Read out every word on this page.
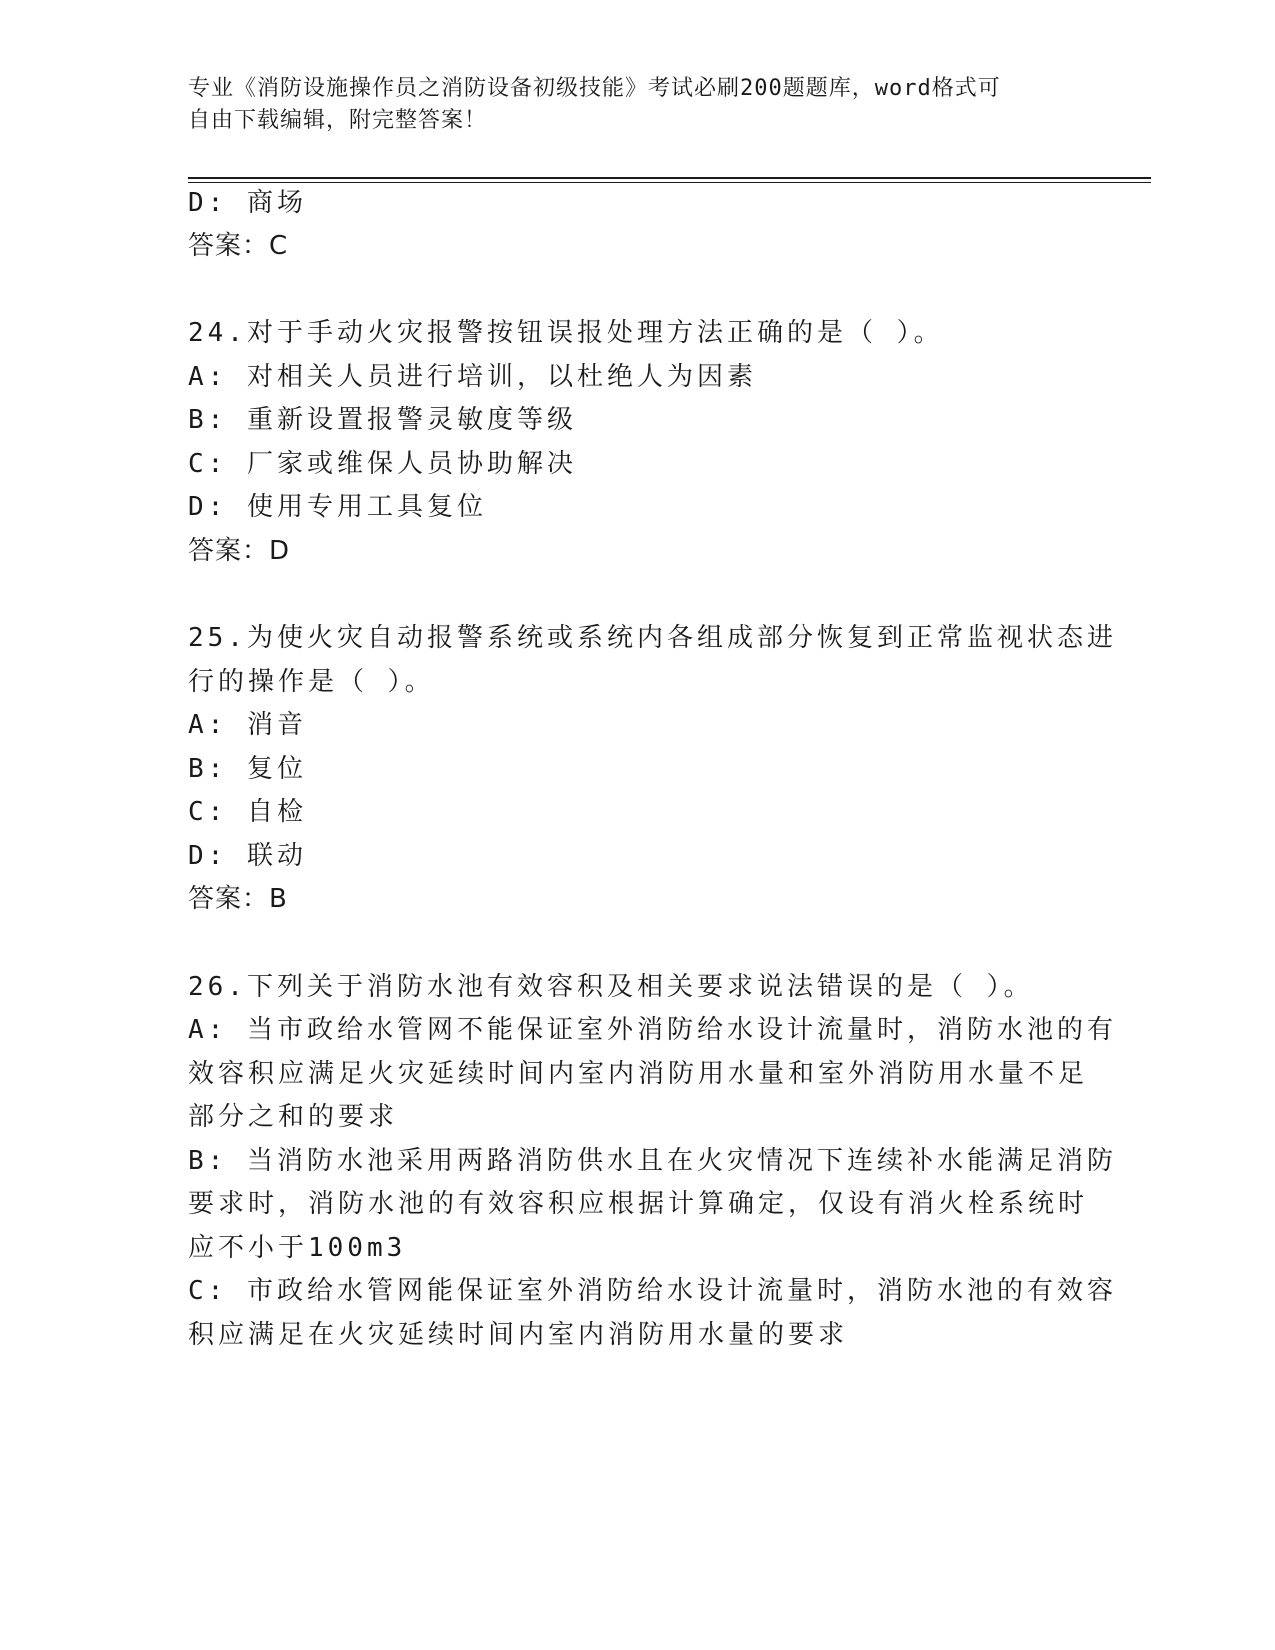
专业《消防设施操作员之消防设备初级技能》考试必刷200题题库，word格式可
自由下载编辑，附完整答案！
D: 商场
答案：C
24.对于手动火灾报警按钮误报处理方法正确的是（ ）。
A: 对相关人员进行培训，以杜绝人为因素
B: 重新设置报警灵敏度等级
C: 厂家或维保人员协助解决
D: 使用专用工具复位
答案：D
25.为使火灾自动报警系统或系统内各组成部分恢复到正常监视状态进
行的操作是（ ）。
A: 消音
B: 复位
C: 自检
D: 联动
答案：B
26.下列关于消防水池有效容积及相关要求说法错误的是（ ）。
A: 当市政给水管网不能保证室外消防给水设计流量时，消防水池的有
效容积应满足火灾延续时间内室内消防用水量和室外消防用水量不足
部分之和的要求
B: 当消防水池采用两路消防供水且在火灾情况下连续补水能满足消防
要求时，消防水池的有效容积应根据计算确定，仅设有消火栓系统时
应不小于100m3
C: 市政给水管网能保证室外消防给水设计流量时，消防水池的有效容
积应满足在火灾延续时间内室内消防用水量的要求
